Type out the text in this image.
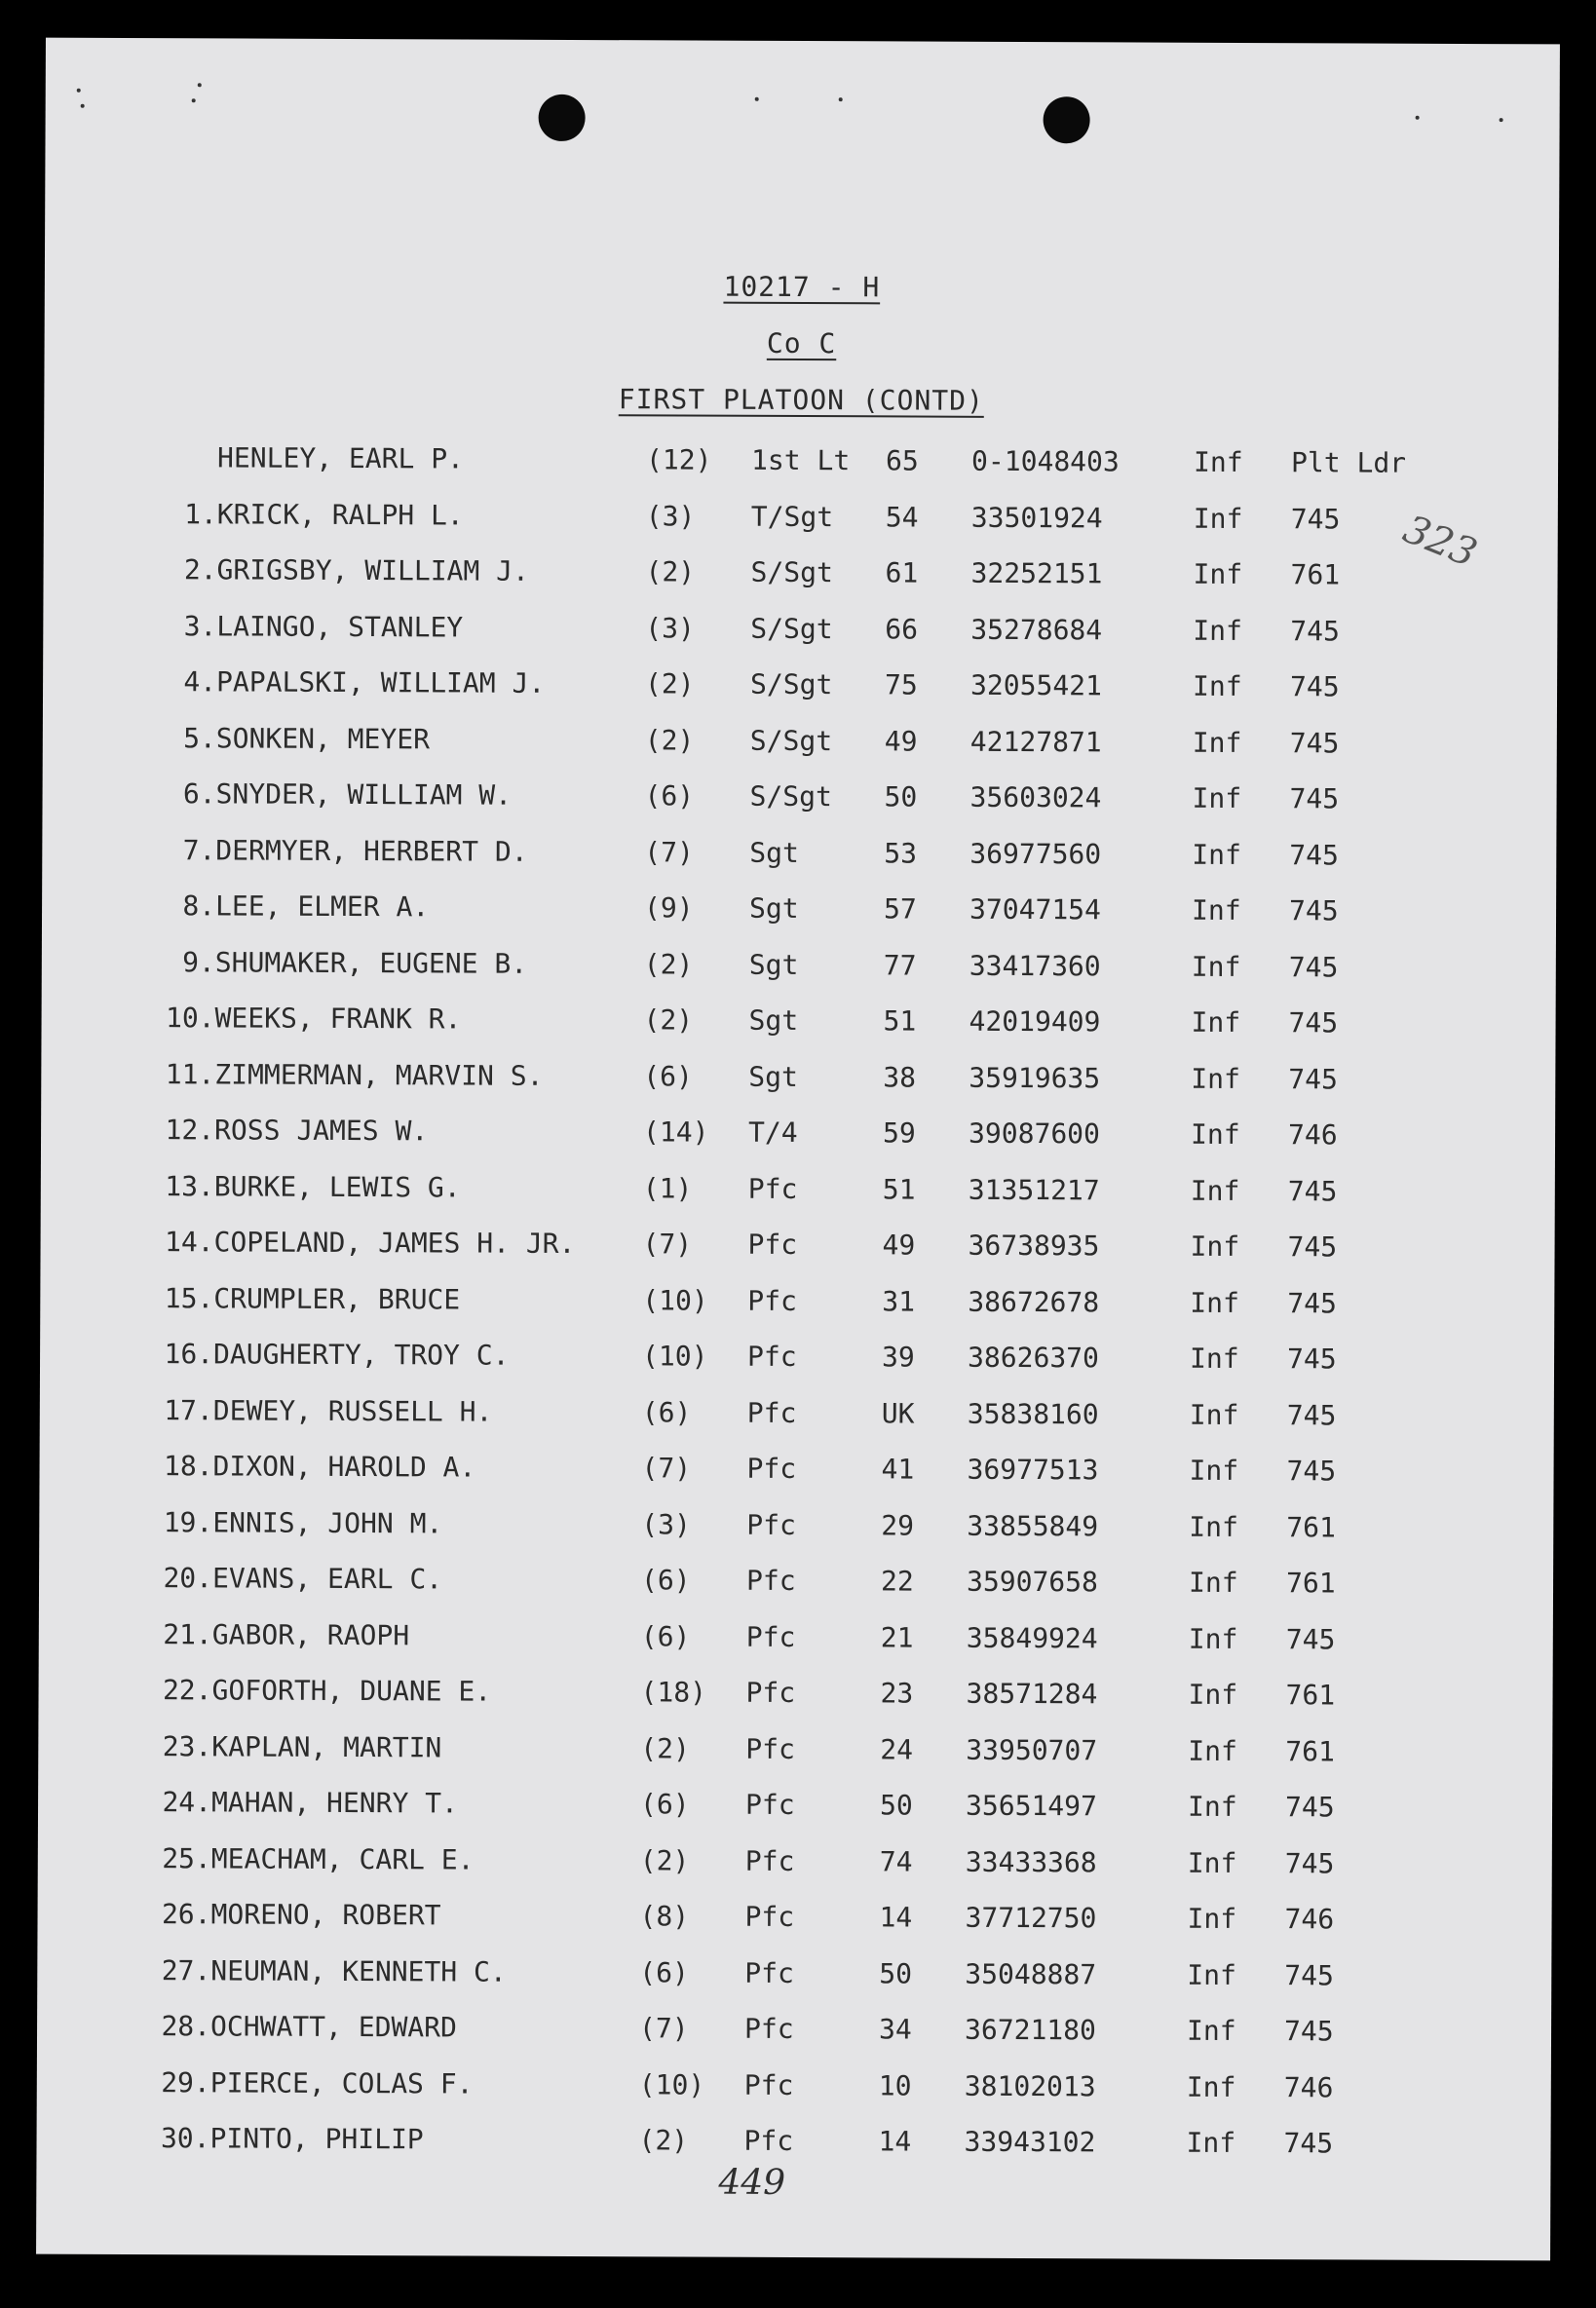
10217 - H
Co C
FIRST PLATOON (CONTD)
HENLEY, EARL P.	(12) 1st Lt 65 0-1048403	Inf Plt Ldr
1. KRICK, RALPH L.	(3) T/Sgt 54 33501924	Inf 745
2. GRIGSBY, WILLIAM J.	(2) S/Sgt 61 32252151	Inf 761
3. LAINGO, STANLEY	(3) S/Sgt 66 35278684	Inf 745
4. PAPALSKI, WILLIAM J.	(2) S/Sgt 75 32055421	Inf 745
5. SONKEN, MEYER	(2) S/Sgt 49 42127871	Inf 745
6. SNYDER, WILLIAM W.	(6) S/Sgt 50 35603024	Inf 745
7. DERMYER, HERBERT D.	(7) Sgt	53 36977560	Inf 745
8. LEE, ELMER A.	(9) Sgt	57 37047154	Inf 745
9. SHUMAKER, EUGENE B.	(2) Sgt	77 33417360	Inf 745
10. WEEKS, FRANK R.	(2) Sgt	51 42019409	Inf 745
11. ZIMMERMAN, MARVIN S.	(6) Sgt	38 35919635	Inf 745
12. ROSS JAMES W.	(14) T/4	59 39087600	Inf 746
13. BURKE, LEWIS G.	(1) Pfc	51 31351217	Inf 745
14. COPELAND, JAMES H. JR. (7) Pfc	49 36738935	Inf 745
15. CRUMPLER, BRUCE	(10) Pfc	31 38672678	Inf 745
16. DAUGHERTY, TROY C.	(10) Pfc	39 38626370	Inf 745
17. DEWEY, RUSSELL H.	(6) Pfc	UK 35838160	Inf 745
18. DIXON, HAROLD A.	(7) Pfc	41 36977513	Inf 745
19. ENNIS, JOHN M.	(3) Pfc	29 33855849	Inf 761
20. EVANS, EARL C.	(6) Pfc	22 35907658	Inf 761
21. GABOR, RAOPH	(6) Pfc	21 35849924	Inf 745
22. GOFORTH, DUANE E.	(18) Pfc	23 38571284	Inf 761
23. KAPLAN, MARTIN	(2) Pfc	24 33950707	Inf 761
24. MAHAN, HENRY T.	(6) Pfc	50 35651497	Inf 745
25. MEACHAM, CARL E.	(2) Pfc	74 33433368	Inf 745
26. MORENO, ROBERT	(8) Pfc	14 37712750	Inf 746
27. NEUMAN, KENNETH C.	(6) Pfc	50 35048887	Inf 745
28. OCHWATT, EDWARD	(7) Pfc	34 36721180	Inf 745
29. PIERCE, COLAS F.	(10) Pfc	10 38102013	Inf 746
30. PINTO, PHILIP	(2) Pfc	14 33943102	Inf 745
323
449
